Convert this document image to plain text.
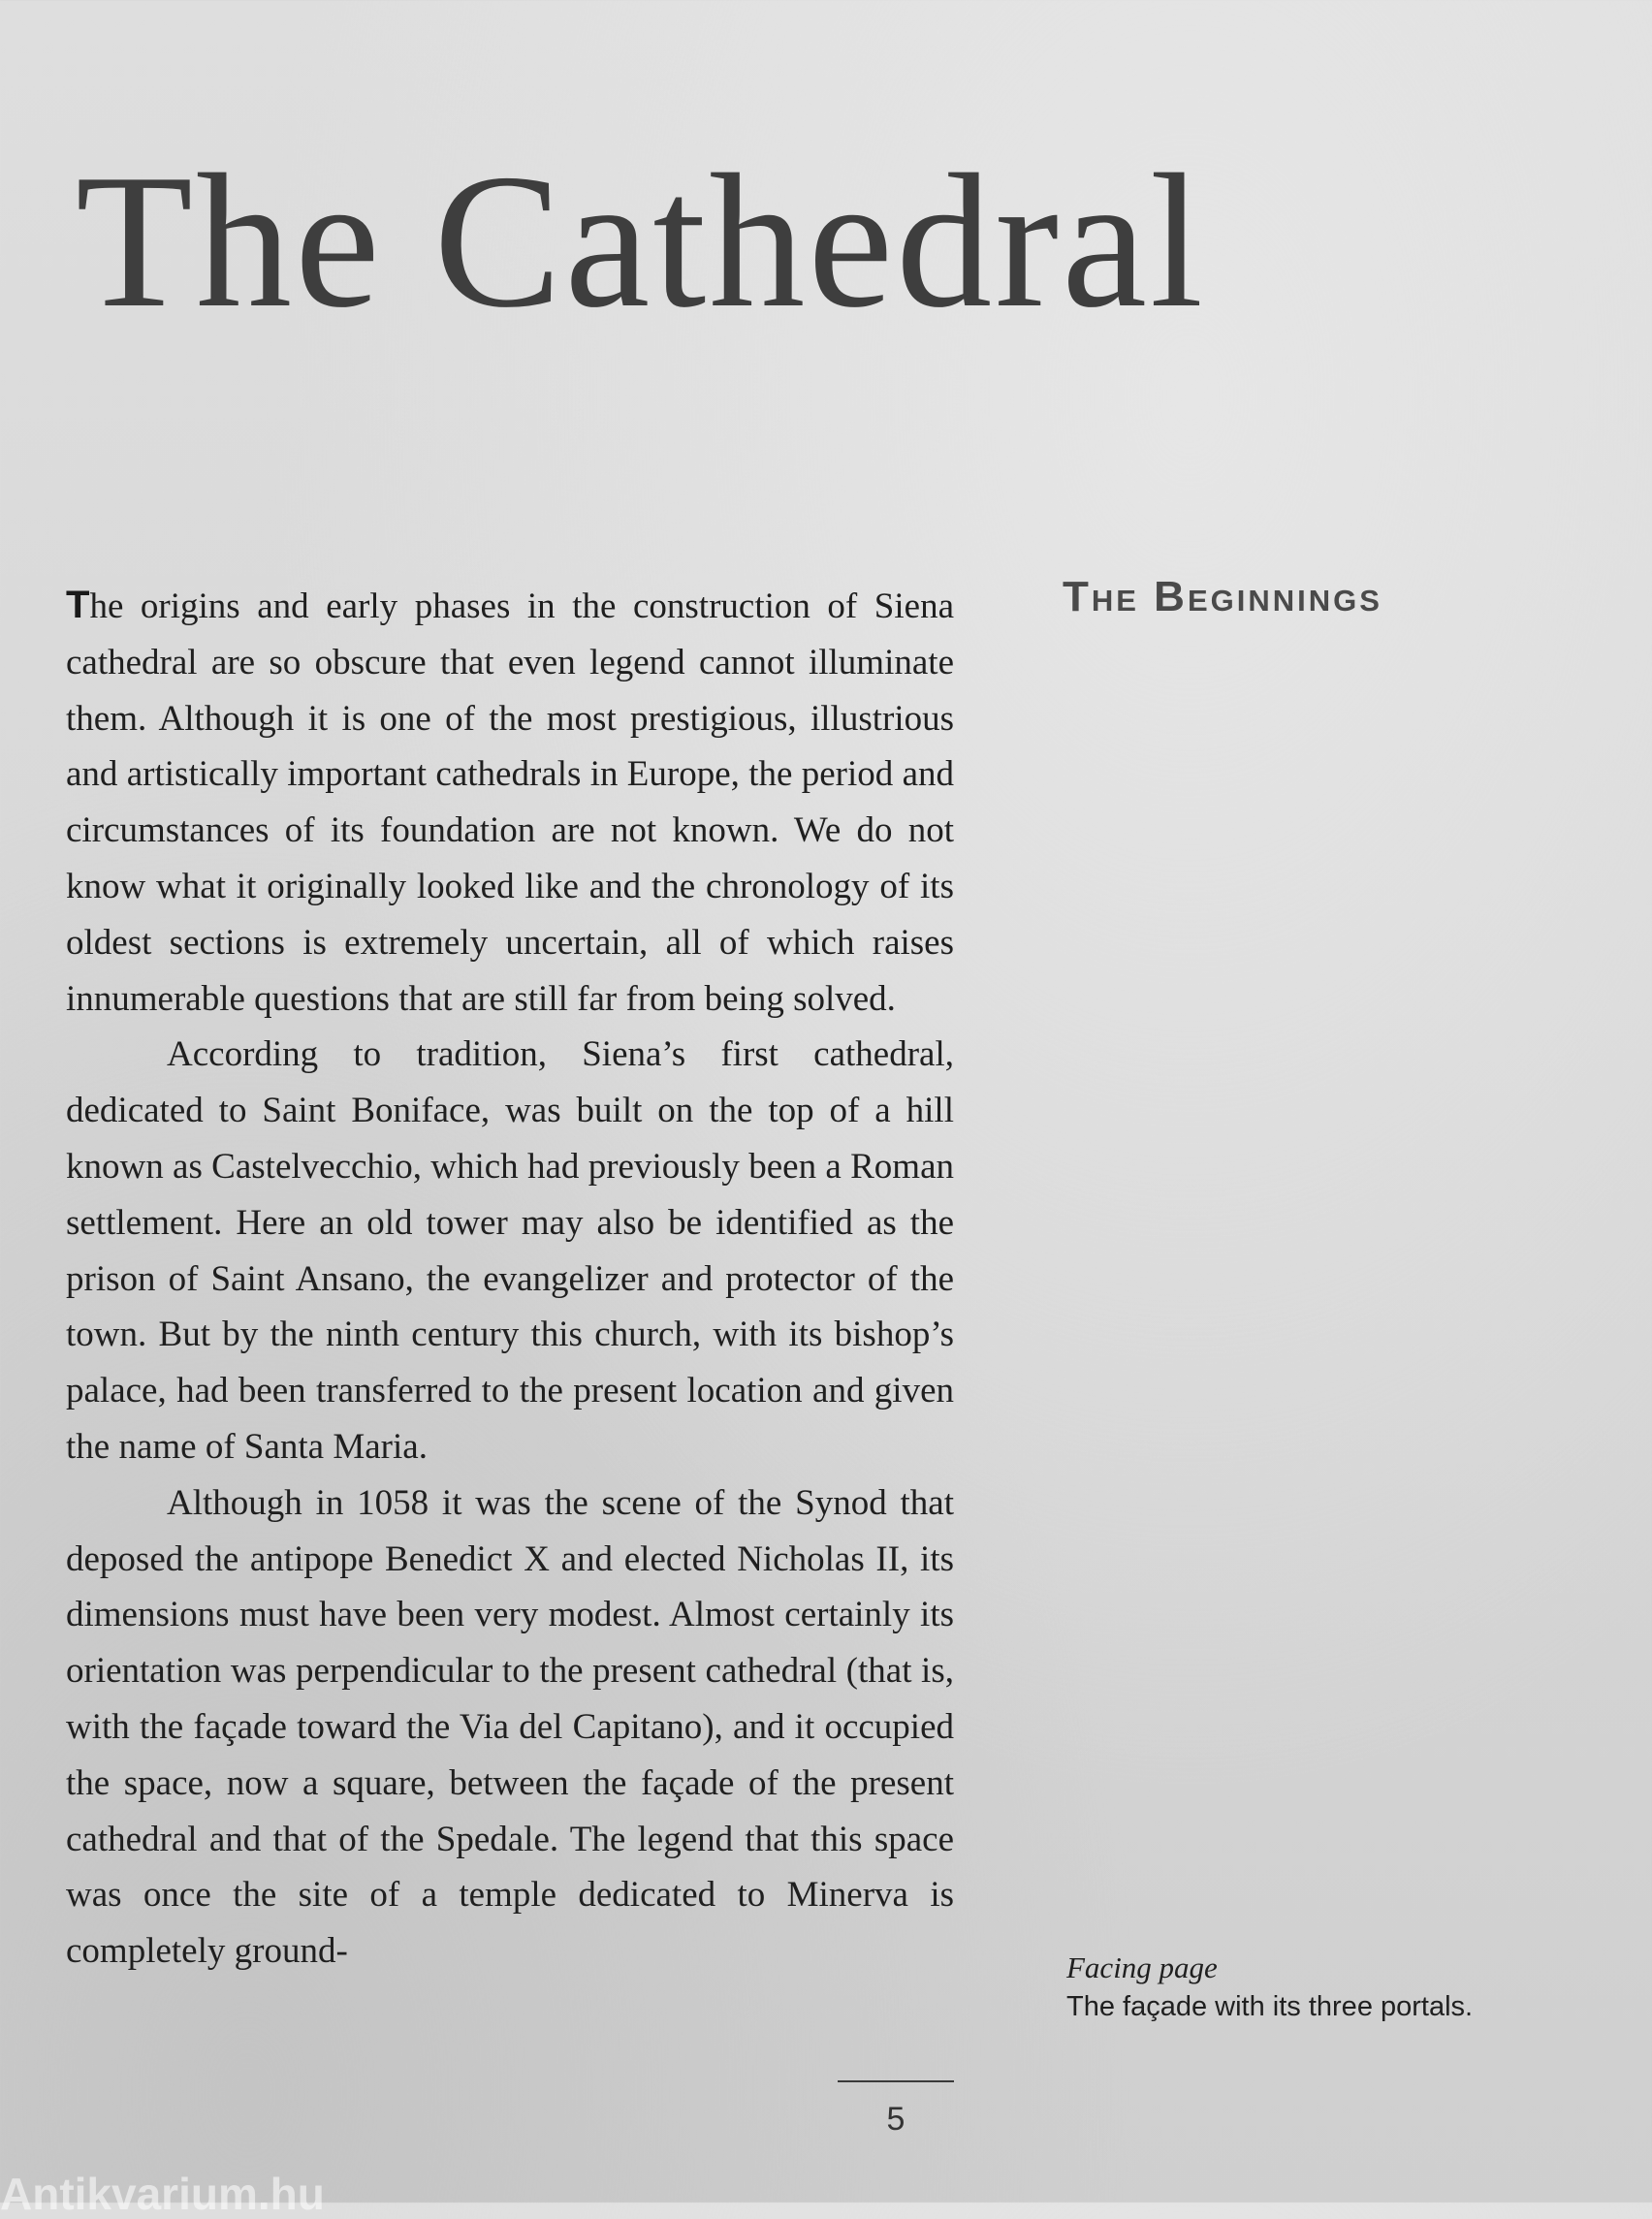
The Cathedral

The origins and early phases in the construction of Siena cathedral are so obscure that even legend cannot illuminate them. Although it is one of the most prestigious, illustrious and artistically important cathedrals in Europe, the period and circumstances of its foundation are not known. We do not know what it originally looked like and the chronology of its oldest sections is extremely uncertain, all of which raises innumerable questions that are still far from being solved.

According to tradition, Siena’s first cathedral, dedicated to Saint Boniface, was built on the top of a hill known as Castelvecchio, which had previously been a Roman settlement. Here an old tower may also be identified as the prison of Saint Ansano, the evangelizer and protector of the town. But by the ninth century this church, with its bishop’s palace, had been transferred to the present location and given the name of Santa Maria.

Although in 1058 it was the scene of the Synod that deposed the antipope Benedict X and elected Nicholas II, its dimensions must have been very modest. Almost certainly its orientation was perpendicular to the present cathedral (that is, with the façade toward the Via del Capitano), and it occupied the space, now a square, between the façade of the present cathedral and that of the Spedale. The legend that this space was once the site of a temple dedicated to Minerva is completely ground-

The Beginnings
Facing page
The façade with its three portals.
5
Antikvarium.hu
